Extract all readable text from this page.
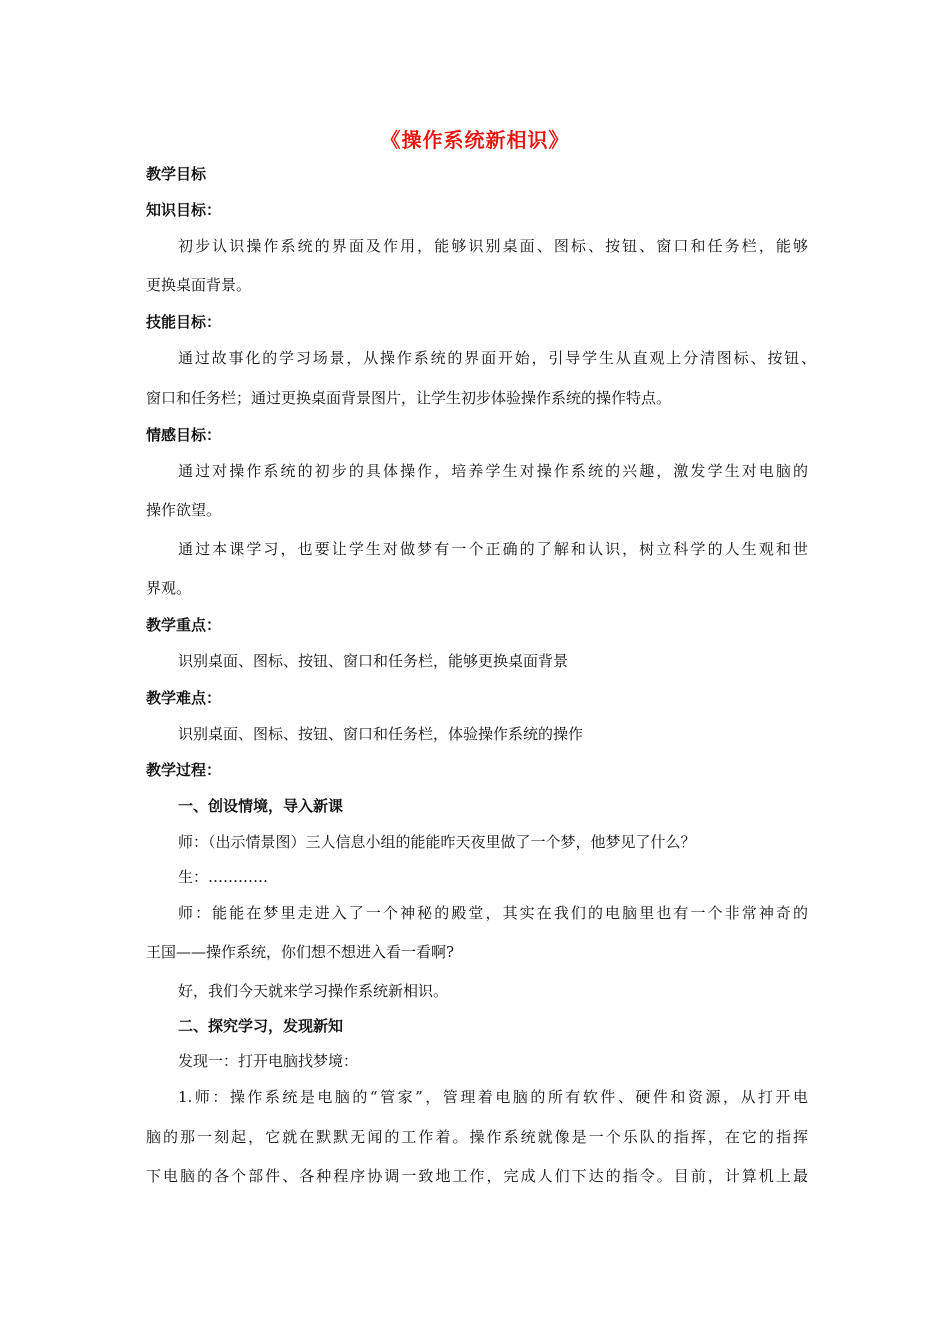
《操作系统新相识》
教学目标
知识目标：
初步认识操作系统的界面及作用，能够识别桌面、图标、按钮、窗口和任务栏，能够
更换桌面背景。
技能目标：
通过故事化的学习场景，从操作系统的界面开始，引导学生从直观上分清图标、按钮、
窗口和任务栏；通过更换桌面背景图片，让学生初步体验操作系统的操作特点。
情感目标：
通过对操作系统的初步的具体操作，培养学生对操作系统的兴趣，激发学生对电脑的
操作欲望。
通过本课学习，也要让学生对做梦有一个正确的了解和认识，树立科学的人生观和世
界观。
教学重点：
识别桌面、图标、按钮、窗口和任务栏，能够更换桌面背景
教学难点：
识别桌面、图标、按钮、窗口和任务栏，体验操作系统的操作
教学过程：
一、创设情境，导入新课
师：（出示情景图）三人信息小组的能能昨天夜里做了一个梦，他梦见了什么？
生：…………
师：能能在梦里走进入了一个神秘的殿堂，其实在我们的电脑里也有一个非常神奇的
王国——操作系统，你们想不想进入看一看啊?
好，我们今天就来学习操作系统新相识。
二、探究学习，发现新知
发现一：打开电脑找梦境：
1.师：操作系统是电脑的“管家”，管理着电脑的所有软件、硬件和资源，从打开电
脑的那一刻起，它就在默默无闻的工作着。操作系统就像是一个乐队的指挥，在它的指挥
下电脑的各个部件、各种程序协调一致地工作，完成人们下达的指令。目前，计算机上最
